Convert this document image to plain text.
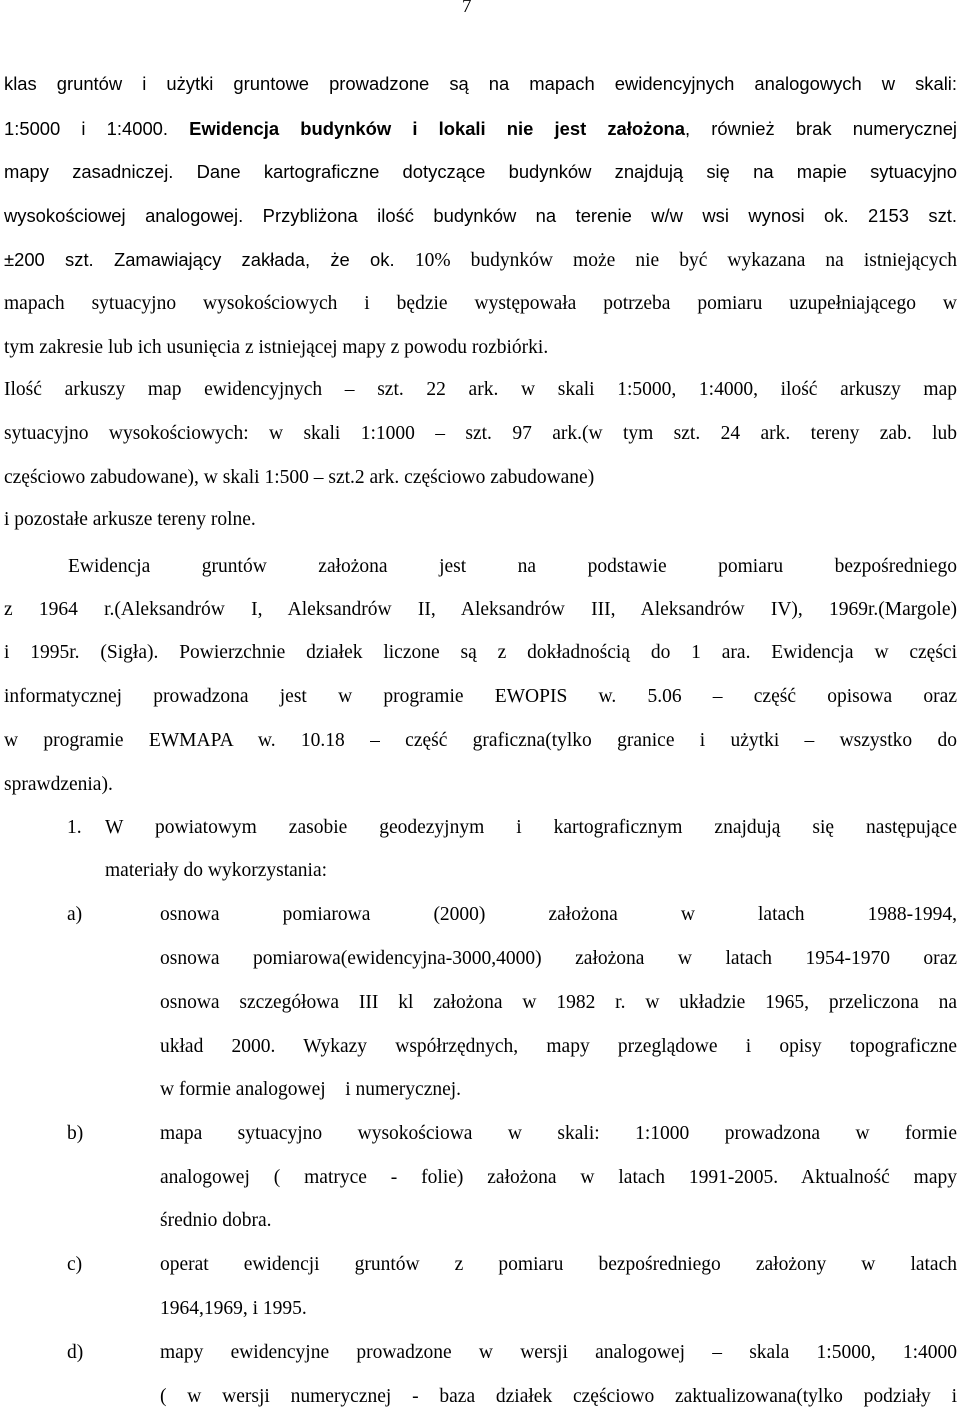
7
klas gruntów i użytki gruntowe prowadzone są na mapach ewidencyjnych analogowych w skali:
1:5000 i 1:4000. Ewidencja budynków i lokali nie jest założona, również brak numerycznej
mapy zasadniczej. Dane kartograficzne dotyczące budynków znajdują się na mapie sytuacyjno
wysokościowej analogowej. Przybliżona ilość budynków na terenie w/w wsi wynosi ok. 2153 szt.
±200 szt. Zamawiający zakłada, że ok. 10% budynków może nie być wykazana na istniejących
mapach sytuacyjno wysokościowych i będzie występowała potrzeba pomiaru uzupełniającego w
tym zakresie lub ich usunięcia z istniejącej mapy z powodu rozbiórki.
Ilość arkuszy map ewidencyjnych – szt. 22 ark. w skali 1:5000, 1:4000, ilość arkuszy map
sytuacyjno wysokościowych: w skali 1:1000 – szt. 97 ark.(w tym szt. 24 ark. tereny zab. lub
częściowo zabudowane), w skali 1:500 – szt.2 ark. częściowo zabudowane)
i pozostałe arkusze tereny rolne.
Ewidencja gruntów założona jest na podstawie pomiaru bezpośredniego
z 1964 r.(Aleksandrów I, Aleksandrów II, Aleksandrów III, Aleksandrów IV), 1969r.(Margole)
i 1995r. (Sigła). Powierzchnie działek liczone są z dokładnością do 1 ara. Ewidencja w części
informatycznej prowadzona jest w programie EWOPIS w. 5.06 – część opisowa oraz
w programie EWMAPA w. 10.18 – część graficzna(tylko granice i użytki – wszystko do
sprawdzenia).
1. W powiatowym zasobie geodezyjnym i kartograficznym znajdują się następujące
materiały do wykorzystania:
a)	osnowa pomiarowa (2000) założona w latach 1988-1994,
osnowa pomiarowa(ewidencyjna-3000,4000) założona w latach 1954-1970 oraz
osnowa szczegółowa III kl założona w 1982 r. w układzie 1965, przeliczona na
układ 2000. Wykazy współrzędnych, mapy przeglądowe i opisy topograficzne
w formie analogowej    i numerycznej.
b)	mapa sytuacyjno wysokościowa w skali: 1:1000 prowadzona w formie
analogowej ( matryce - folie) założona w latach 1991-2005. Aktualność mapy
średnio dobra.
c)	operat ewidencji gruntów z pomiaru bezpośredniego założony w latach
1964,1969, i 1995.
d)	mapy ewidencyjne prowadzone w wersji analogowej – skala 1:5000, 1:4000
( w wersji numerycznej - baza działek częściowo zaktualizowana(tylko podziały i
